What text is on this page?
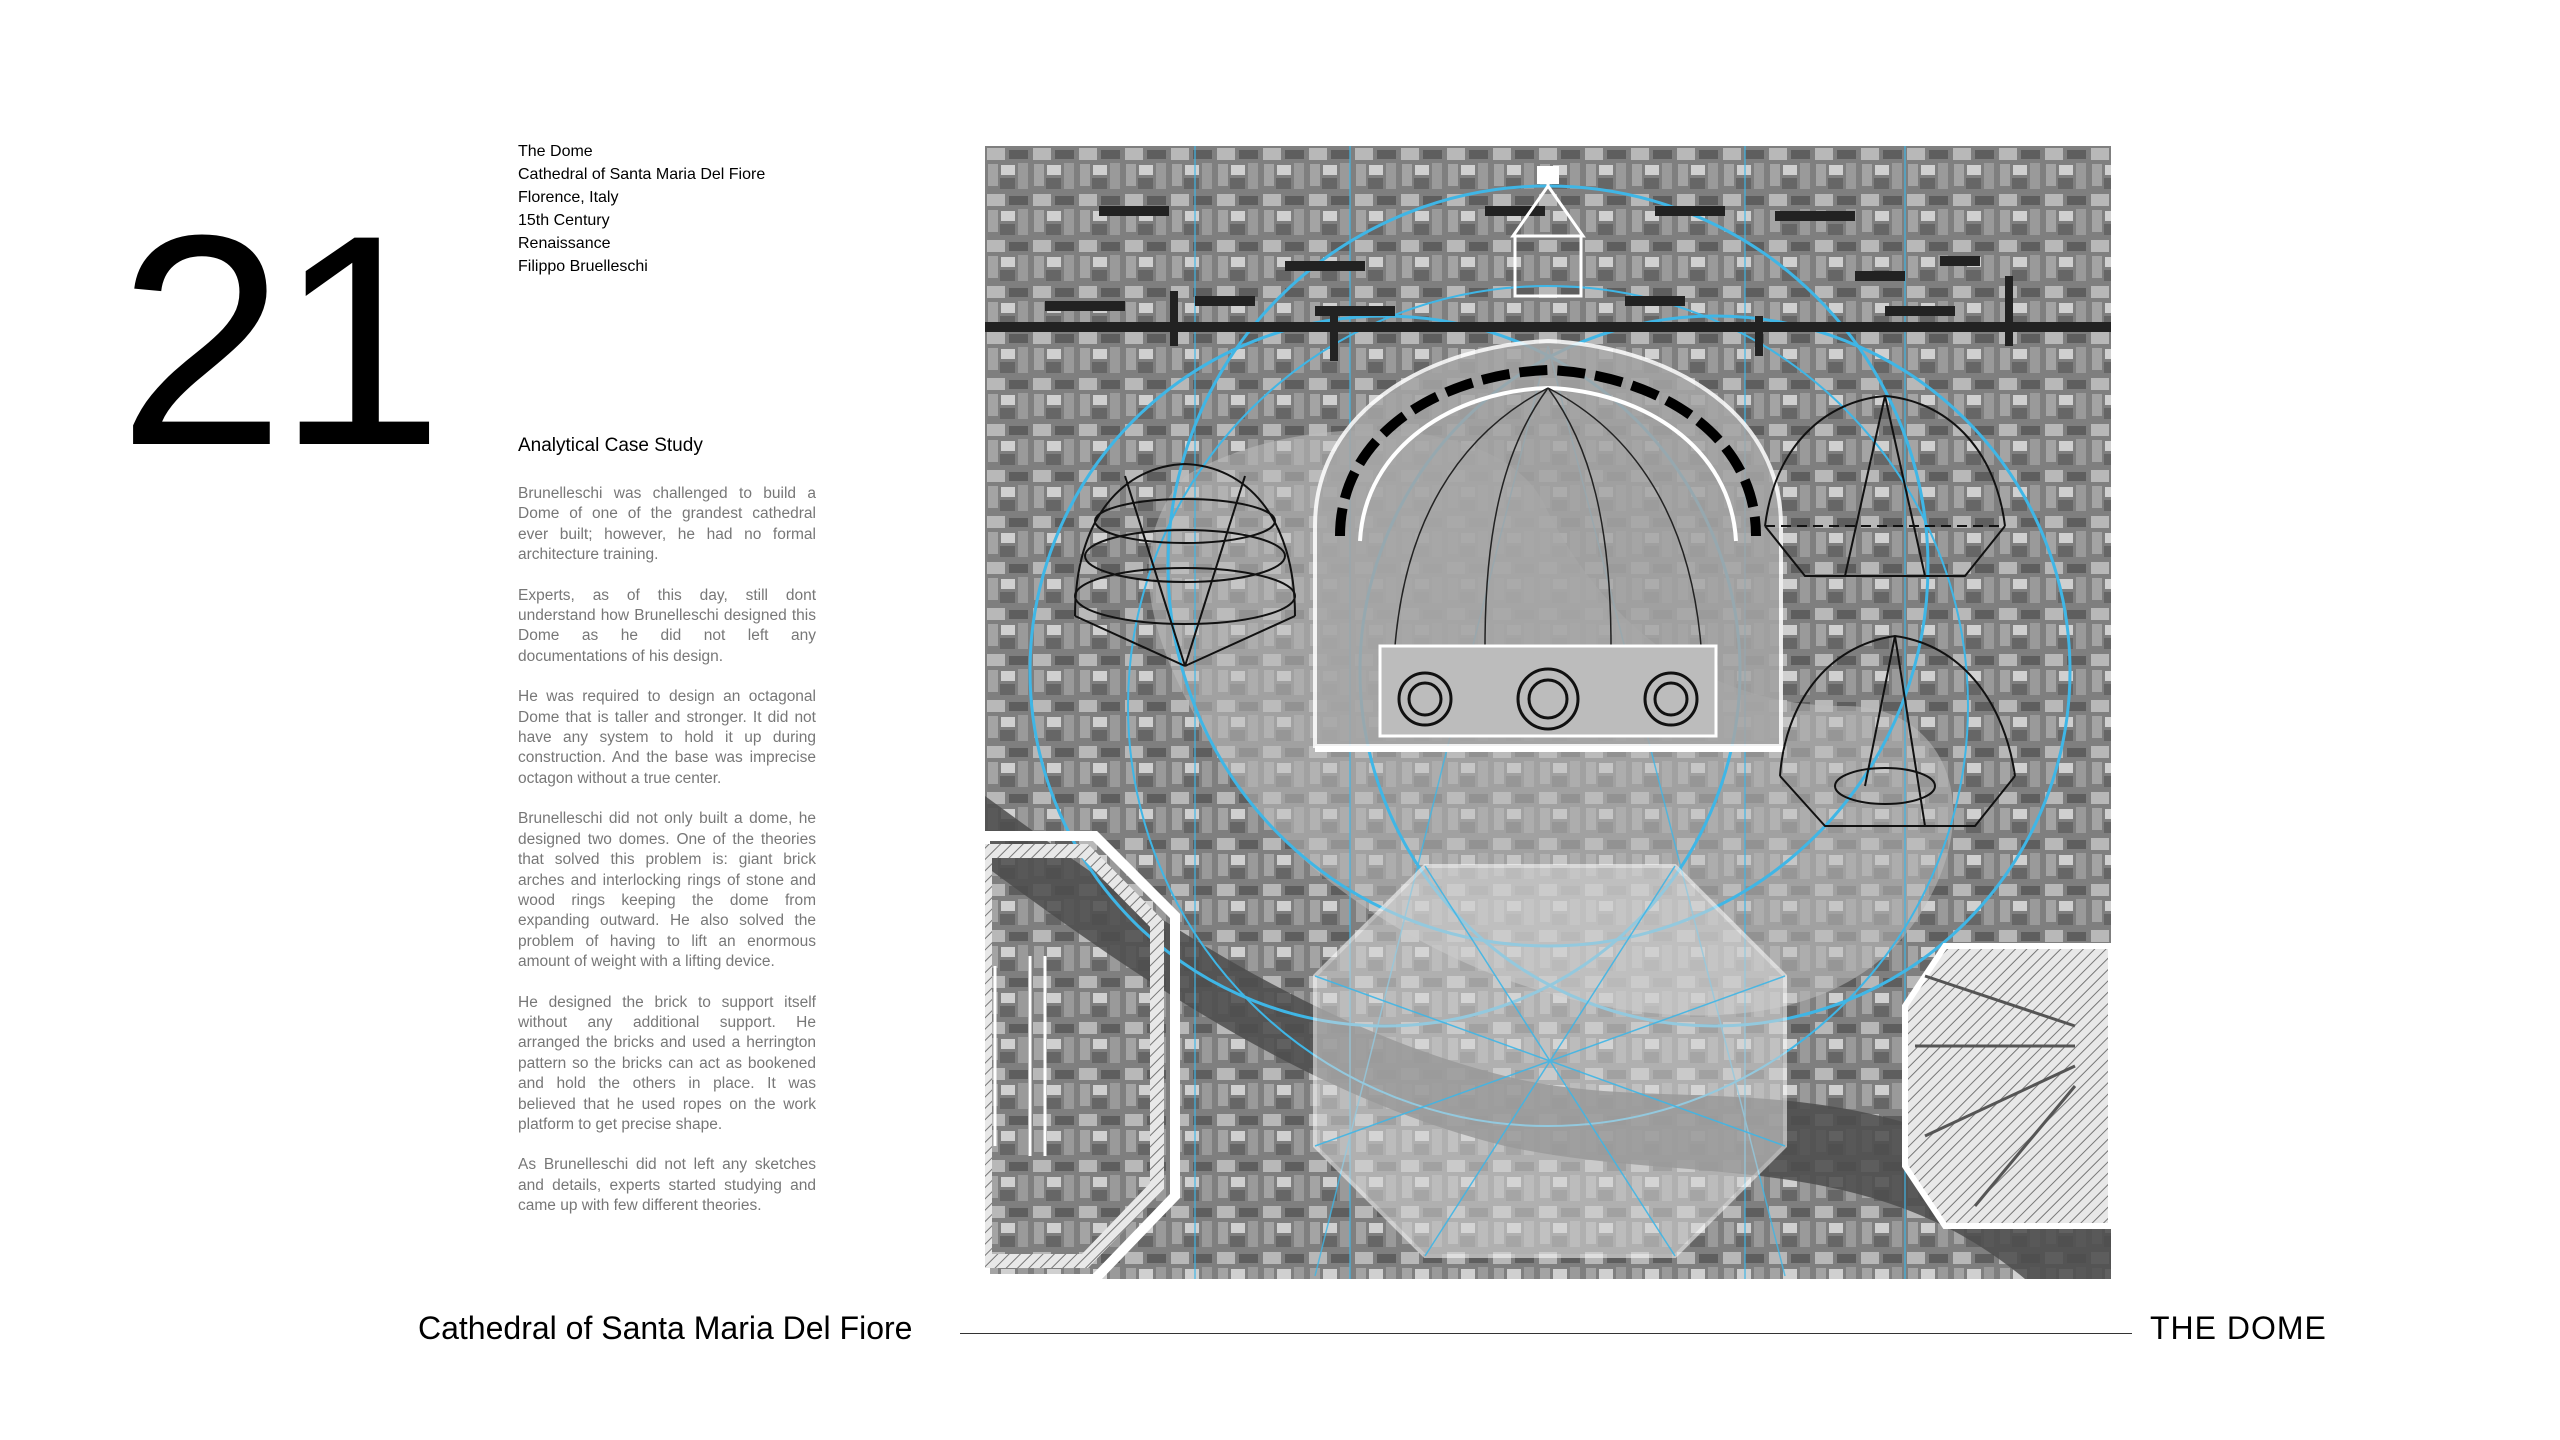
21
The Dome
Cathedral of Santa Maria Del Fiore
Florence, Italy
15th Century
Renaissance
Filippo Bruelleschi
Analytical Case Study

Brunelleschi was challenged to build a Dome of one of the grandest cathedral ever built; however, he had no formal architecture training.

Experts, as of this day, still dont understand how Brunelleschi designed this Dome as he did not left any documentations of his design.

He was required to design an octagonal Dome that is taller and stronger. It did not have any system to hold it up during construction. And the base was imprecise octagon without a true center.

Brunelleschi did not only built a dome, he designed two domes. One of the theories that solved this problem is: giant brick arches and interlocking rings of stone and wood rings keeping the dome from expanding outward. He also solved the problem of having to lift an enormous amount of weight with a lifting device.

He designed the brick to support itself without any additional support. He arranged the bricks and used a herrington pattern so the bricks can act as bookened and hold the others in place. It was believed that he used ropes on the work platform to get precise shape.

As Brunelleschi did not left any sketches and details, experts started studying and came up with few different theories.

Cathedral of Santa Maria Del Fiore	THE DOME
